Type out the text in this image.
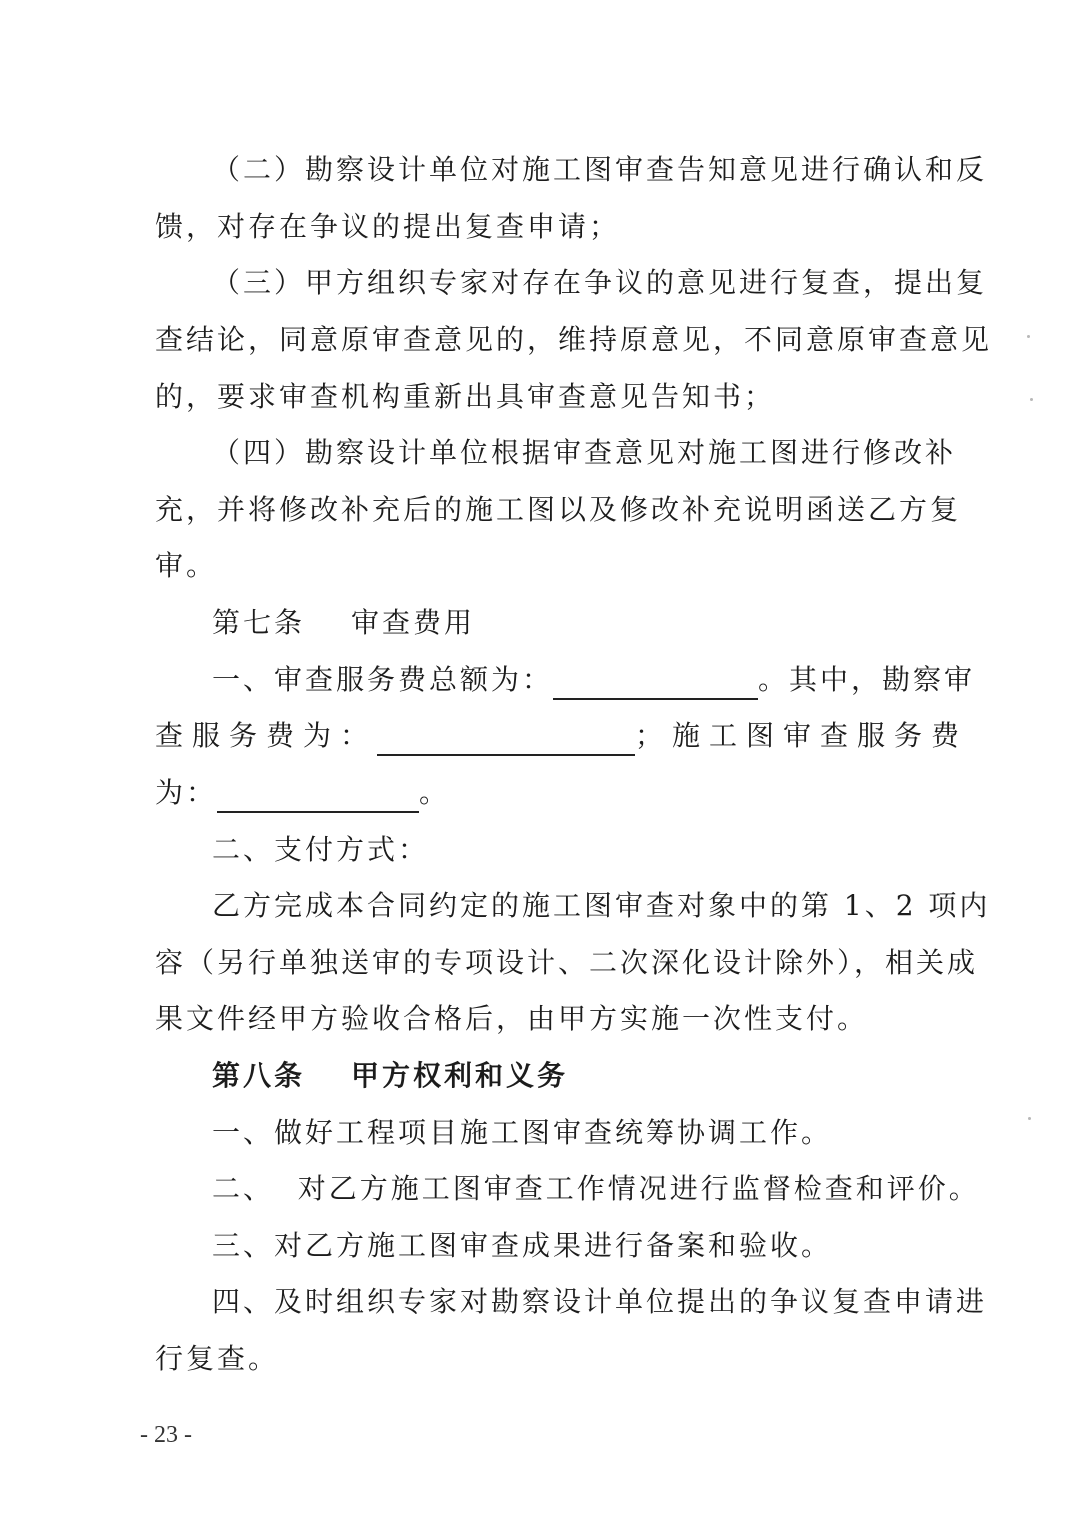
（二）勘察设计单位对施工图审查告知意见进行确认和反
馈，对存在争议的提出复查申请；
（三）甲方组织专家对存在争议的意见进行复查，提出复
查结论，同意原审查意见的，维持原意见，不同意原审查意见
的，要求审查机构重新出具审查意见告知书；
（四）勘察设计单位根据审查意见对施工图进行修改补
充，并将修改补充后的施工图以及修改补充说明函送乙方复
审。
第七条 审查费用
一、审查服务费总额为：	。其中，勘察审
查服务费为：	；施工图审查服务费
为：	。
二、支付方式：
乙方完成本合同约定的施工图审查对象中的第 1、2 项内
容（另行单独送审的专项设计、二次深化设计除外），相关成
果文件经甲方验收合格后，由甲方实施一次性支付。
第八条 甲方权利和义务
一、做好工程项目施工图审查统筹协调工作。
二、  对乙方施工图审查工作情况进行监督检查和评价。
三、对乙方施工图审查成果进行备案和验收。
四、及时组织专家对勘察设计单位提出的争议复查申请进
行复查。
- 23 -
